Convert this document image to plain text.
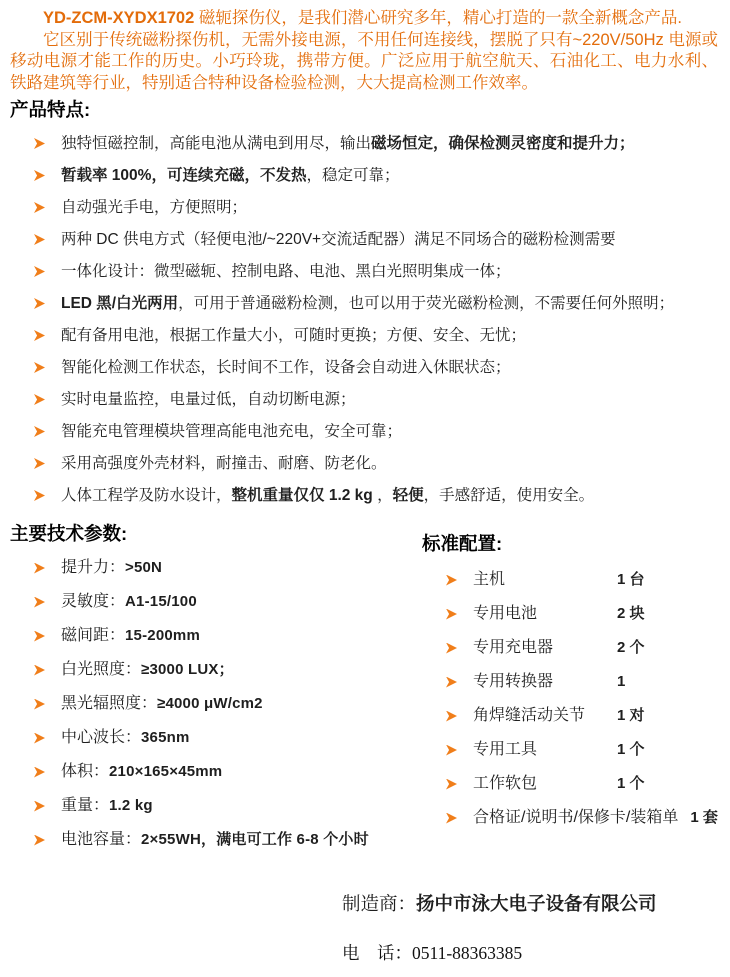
YD-ZCM-XYDX1702 磁轭探伤仪，是我们潜心研究多年，精心打造的一款全新概念产品.

它区别于传统磁粉探伤机，无需外接电源，不用任何连接线，摆脱了只有~220V/50Hz 电源或移动电源才能工作的历史。小巧玲珑，携带方便。广泛应用于航空航天、石油化工、电力水利、铁路建筑等行业，特别适合特种设备检验检测，大大提高检测工作效率。

产品特点:
独特恒磁控制，高能电池从满电到用尽，输出磁场恒定，确保检测灵密度和提升力；
暂载率 100%，可连续充磁，不发热，稳定可靠；
自动强光手电，方便照明；
两种 DC 供电方式（轻便电池/~220V+交流适配器）满足不同场合的磁粉检测需要
一体化设计：微型磁轭、控制电路、电池、黑白光照明集成一体；
LED 黑/白光两用，可用于普通磁粉检测，也可以用于荧光磁粉检测，不需要任何外照明；
配有备用电池，根据工作量大小，可随时更换；方便、安全、无忧；
智能化检测工作状态，长时间不工作，设备会自动进入休眠状态；
实时电量监控，电量过低，自动切断电源；
智能充电管理模块管理高能电池充电，安全可靠；
采用高强度外壳材料，耐撞击、耐磨、防老化。
人体工程学及防水设计，整机重量仅仅 1.2 kg ，轻便，手感舒适，使用安全。
主要技术参数:
提升力： >50N
灵敏度： A1-15/100
磁间距： 15-200mm
白光照度： ≥3000 LUX；
黑光辐照度： ≥4000 μW/cm2
中心波长： 365nm
体积： 210×165×45mm
重量： 1.2 kg
电池容量： 2×55WH，满电可工作 6-8 个小时
标准配置:
主机	1 台
专用电池	2 块
专用充电器	2 个
专用转换器	1
角焊缝活动关节	1 对
专用工具	1 个
工作软包	1 个
合格证/说明书/保修卡/装箱单 1 套

制造商：扬中市泳大电子设备有限公司

电　话：0511-88363385
